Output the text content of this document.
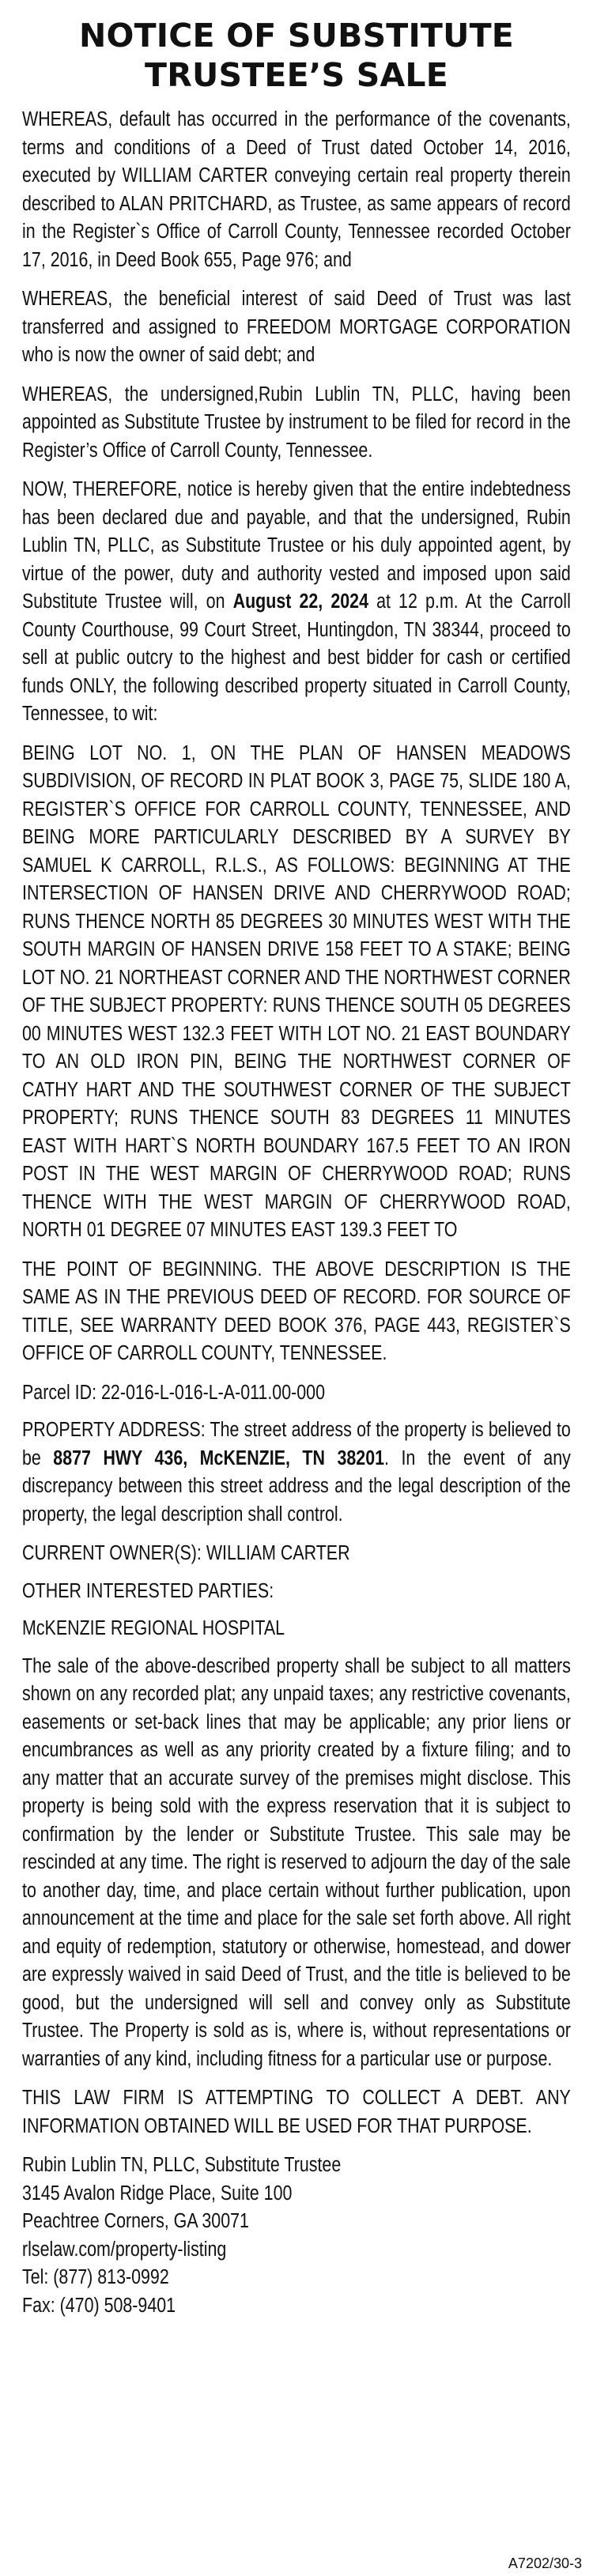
NOTICE OF SUBSTITUTE
TRUSTEE’S SALE

WHEREAS, default has occurred in the performance of the covenants, terms and conditions of a Deed of Trust dated October 14, 2016, executed by WILLIAM CARTER conveying certain real property therein described to ALAN PRITCHARD, as Trustee, as same appears of record in the Register`s Office of Carroll County, Tennessee recorded October 17, 2016, in Deed Book 655, Page 976; and

WHEREAS, the beneficial interest of said Deed of Trust was last transferred and assigned to FREEDOM MORTGAGE CORPORATION who is now the owner of said debt; and

WHEREAS, the undersigned,Rubin Lublin TN, PLLC, having been appointed as Substitute Trustee by instrument to be filed for record in the Register’s Office of Carroll County, Tennessee.

NOW, THEREFORE, notice is hereby given that the entire indebtedness has been declared due and payable, and that the undersigned, Rubin Lublin TN, PLLC, as Substitute Trustee or his duly appointed agent, by virtue of the power, duty and authority vested and imposed upon said Substitute Trustee will, on August 22, 2024 at 12 p.m. At the Carroll County Courthouse, 99 Court Street, Huntingdon, TN 38344, proceed to sell at public outcry to the highest and best bidder for cash or certified funds ONLY, the following described property situated in Carroll County, Tennessee, to wit:

BEING LOT NO. 1, ON THE PLAN OF HANSEN MEADOWS SUBDIVISION, OF RECORD IN PLAT BOOK 3, PAGE 75, SLIDE 180 A, REGISTER`S OFFICE FOR CARROLL COUNTY, TENNESSEE, AND BEING MORE PARTICULARLY DESCRIBED BY A SURVEY BY SAMUEL K CARROLL, R.L.S., AS FOLLOWS: BEGINNING AT THE INTERSECTION OF HANSEN DRIVE AND CHERRYWOOD ROAD; RUNS THENCE NORTH 85 DEGREES 30 MINUTES WEST WITH THE SOUTH MARGIN OF HANSEN DRIVE 158 FEET TO A STAKE; BEING LOT NO. 21 NORTHEAST CORNER AND THE NORTHWEST CORNER OF THE SUBJECT PROPERTY: RUNS THENCE SOUTH 05 DEGREES 00 MINUTES WEST 132.3 FEET WITH LOT NO. 21 EAST BOUNDARY TO AN OLD IRON PIN, BEING THE NORTHWEST CORNER OF CATHY HART AND THE SOUTHWEST CORNER OF THE SUBJECT PROPERTY; RUNS THENCE SOUTH 83 DEGREES 11 MINUTES EAST WITH HART`S NORTH BOUNDARY 167.5 FEET TO AN IRON POST IN THE WEST MARGIN OF CHERRYWOOD ROAD; RUNS THENCE WITH THE WEST MARGIN OF CHERRYWOOD ROAD, NORTH 01 DEGREE 07 MINUTES EAST 139.3 FEET TO

THE POINT OF BEGINNING. THE ABOVE DESCRIPTION IS THE SAME AS IN THE PREVIOUS DEED OF RECORD. FOR SOURCE OF TITLE, SEE WARRANTY DEED BOOK 376, PAGE 443, REGISTER`S OFFICE OF CARROLL COUNTY, TENNESSEE.

Parcel ID: 22-016-L-016-L-A-011.00-000

PROPERTY ADDRESS: The street address of the property is believed to be 8877 HWY 436, McKENZIE, TN 38201. In the event of any discrepancy between this street address and the legal description of the property, the legal description shall control.

CURRENT OWNER(S): WILLIAM CARTER

OTHER INTERESTED PARTIES:

McKENZIE REGIONAL HOSPITAL

The sale of the above-described property shall be subject to all matters shown on any recorded plat; any unpaid taxes; any restrictive covenants, easements or set-back lines that may be applicable; any prior liens or encumbrances as well as any priority created by a fixture filing; and to any matter that an accurate survey of the premises might disclose. This property is being sold with the express reservation that it is subject to confirmation by the lender or Substitute Trustee. This sale may be rescinded at any time. The right is reserved to adjourn the day of the sale to another day, time, and place certain without further publication, upon announcement at the time and place for the sale set forth above. All right and equity of redemption, statutory or otherwise, homestead, and dower are expressly waived in said Deed of Trust, and the title is believed to be good, but the undersigned will sell and convey only as Substitute Trustee. The Property is sold as is, where is, without representations or warranties of any kind, including fitness for a particular use or purpose.

THIS LAW FIRM IS ATTEMPTING TO COLLECT A DEBT. ANY INFORMATION OBTAINED WILL BE USED FOR THAT PURPOSE.

Rubin Lublin TN, PLLC, Substitute Trustee
3145 Avalon Ridge Place, Suite 100
Peachtree Corners, GA 30071
rlselaw.com/property-listing
Tel: (877) 813-0992
Fax: (470) 508-9401

A7202/30-3
